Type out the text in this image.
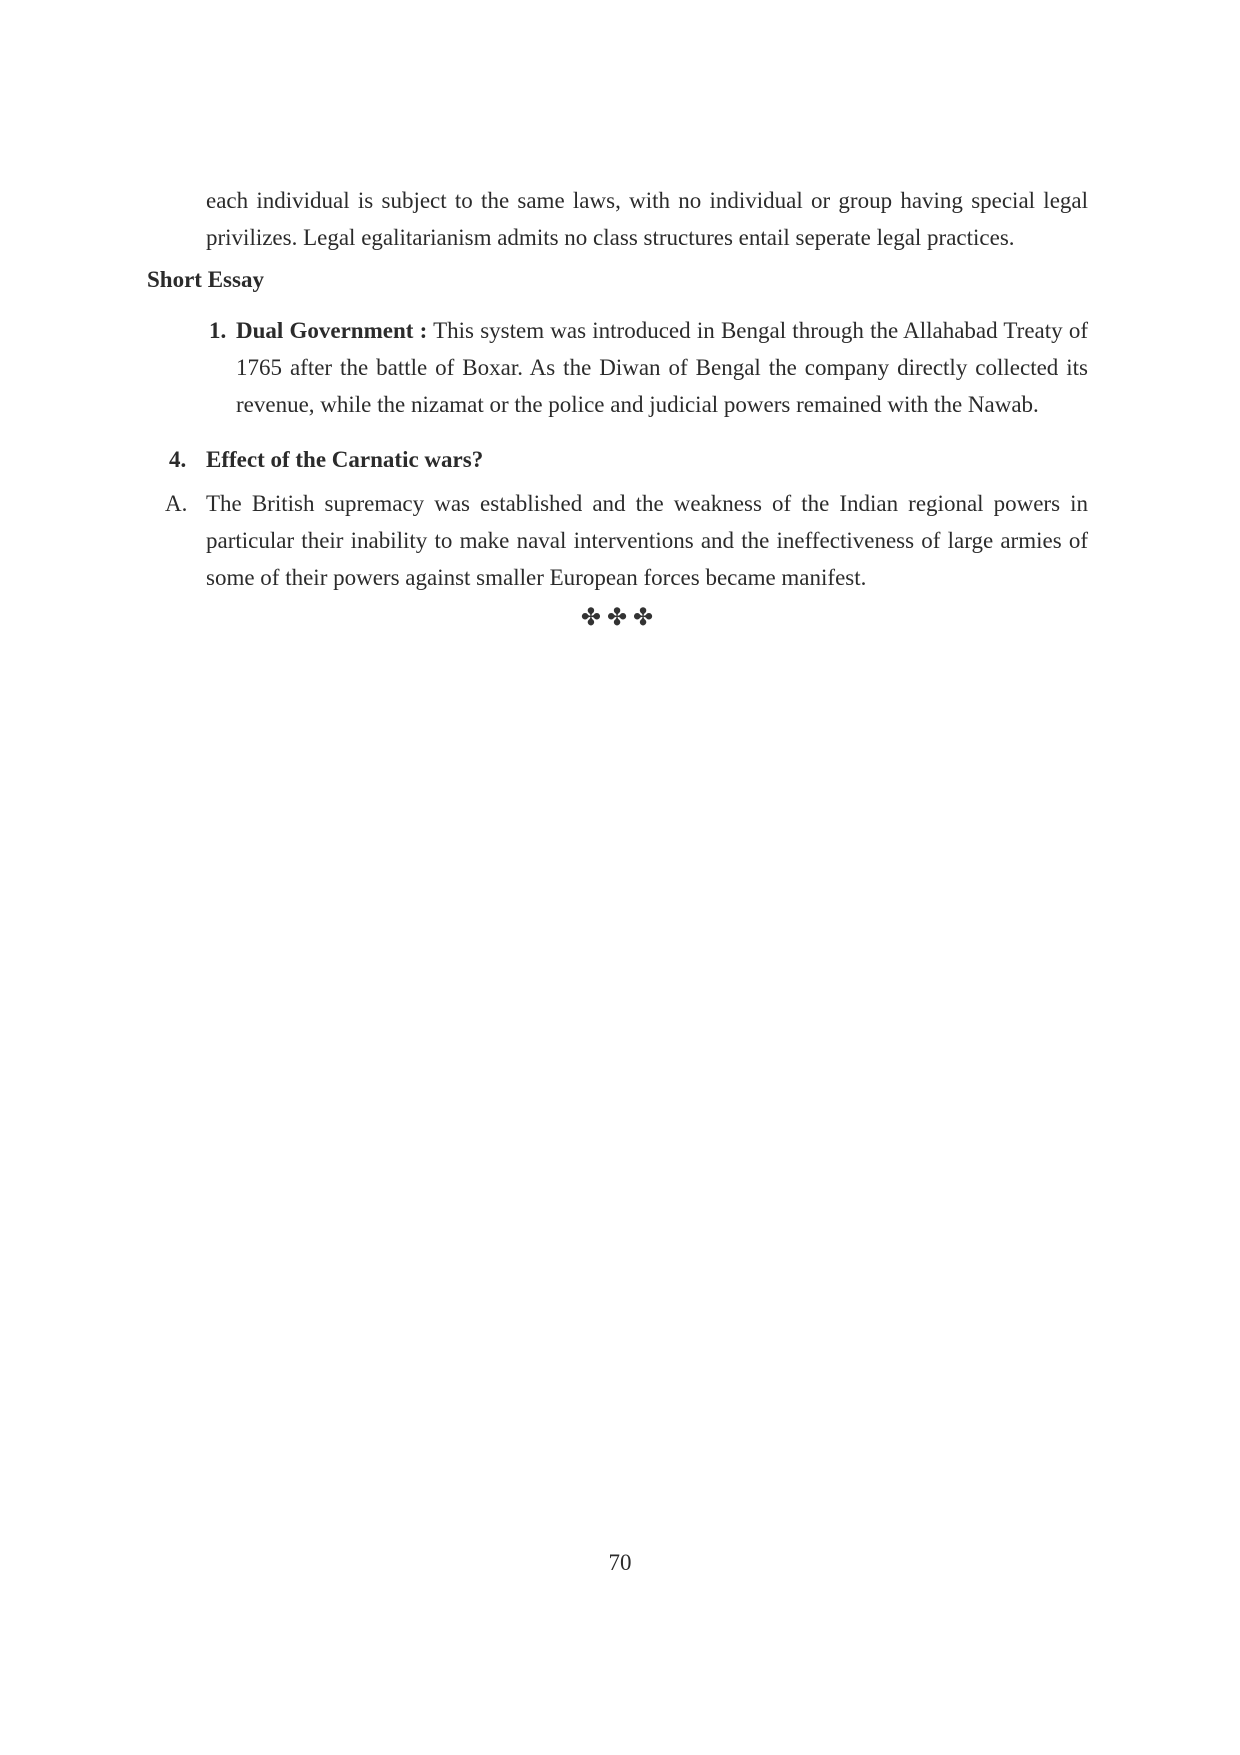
each individual is subject to the same laws, with no individual or group having special legal privilizes. Legal egalitarianism admits no class structures entail seperate legal practices.

Short Essay
1. Dual Government : This system was introduced in Bengal through the Allahabad Treaty of 1765 after the battle of Boxar. As the Diwan of Bengal the company directly collected its revenue, while the nizamat or the police and judicial powers remained with the Nawab.

4. Effect of the Carnatic wars?
A. The British supremacy was established and the weakness of the Indian regional powers in particular their inability to make naval interventions and the ineffectiveness of large armies of some of their powers against smaller European forces became manifest.

✤✤✤
70
